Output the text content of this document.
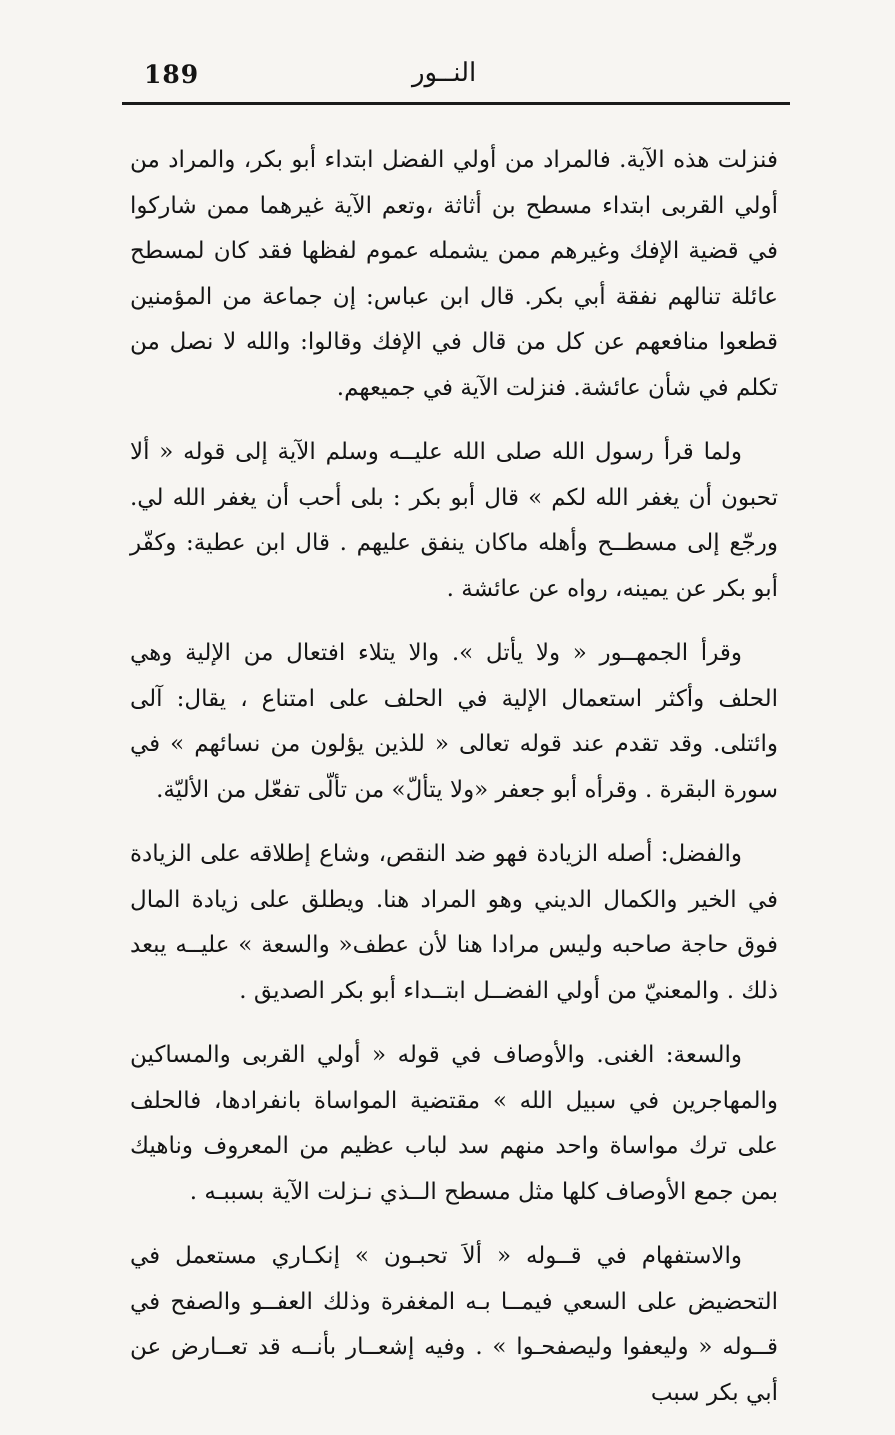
189	النــور

فنزلت هذه الآية. فالمراد من أولي الفضل ابتداء أبو بكر، والمراد من أولي القربى ابتداء مسطح بن أثاثة ،وتعم الآية غيرهما ممن شاركوا في قضية الإفك وغيرهم ممن يشمله عموم لفظها فقد كان لمسطح عائلة تنالهم نفقة أبي بكر. قال ابن عباس: إن جماعة من المؤمنين قطعوا منافعهم عن كل من قال في الإفك وقالوا: والله لا نصل من تكلم في شأن عائشة. فنزلت الآية في جميعهم.

ولما قرأ رسول الله صلى الله عليــه وسلم الآية إلى قوله « ألا تحبون أن يغفر الله لكم » قال أبو بكر : بلى أحب أن يغفر الله لي. ورجّع إلى مسطــح وأهله ماكان ينفق عليهم . قال ابن عطية: وكفّر أبو بكر عن يمينه، رواه عن عائشة .

وقرأ الجمهــور « ولا يأتل ». والا يتلاء افتعال من الإلية وهي الحلف وأكثر استعمال الإلية في الحلف على امتناع ، يقال: آلى وائتلى. وقد تقدم عند قوله تعالى « للذين يؤلون من نسائهم » في سورة البقرة . وقرأه أبو جعفر «ولا يتألّ» من تألّى تفعّل من الأليّة.

والفضل: أصله الزيادة فهو ضد النقص، وشاع إطلاقه على الزيادة في الخير والكمال الديني وهو المراد هنا. ويطلق على زيادة المال فوق حاجة صاحبه وليس مرادا هنا لأن عطف« والسعة » عليــه يبعد ذلك . والمعنيّ من أولي الفضــل ابتــداء أبو بكر الصديق .

والسعة: الغنى. والأوصاف في قوله « أولي القربى والمساكين والمهاجرين في سبيل الله » مقتضية المواساة بانفرادها، فالحلف على ترك مواساة واحد منهم سد لباب عظيم من المعروف وناهيك بمن جمع الأوصاف كلها مثل مسطح الــذي نـزلت الآية بسببـه .

والاستفهام في قــوله « ألاَ تحبـون » إنكـاري مستعمل في التحضيض على السعي فيمــا بـه المغفرة وذلك العفــو والصفح في قــوله « وليعفوا وليصفحـوا » . وفيه إشعــار بأنــه قد تعــارض عن أبي بكر سبب
